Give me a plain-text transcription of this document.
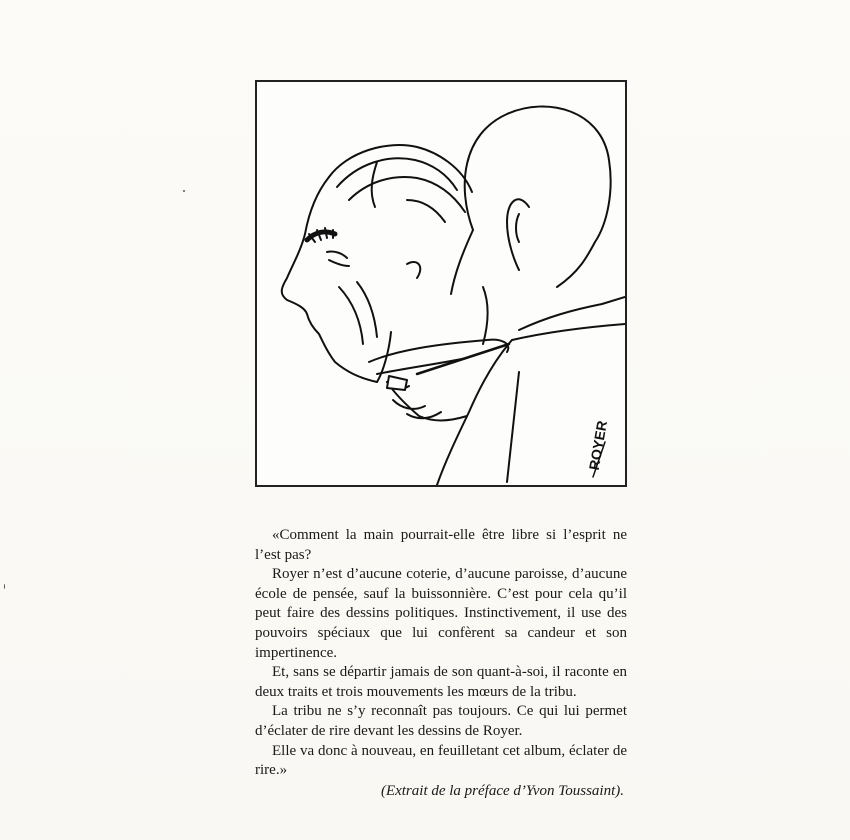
ROYER

«Comment la main pourrait-elle être libre si l’esprit ne l’est pas?

Royer n’est d’aucune coterie, d’aucune paroisse, d’aucune école de pensée, sauf la buissonnière. C’est pour cela qu’il peut faire des dessins politiques. Instinctivement, il use des pouvoirs spéciaux que lui confèrent sa candeur et son impertinence.

Et, sans se départir jamais de son quant-à-soi, il raconte en deux traits et trois mouvements les mœurs de la tribu.

La tribu ne s’y reconnaît pas toujours. Ce qui lui permet d’éclater de rire devant les dessins de Royer.

Elle va donc à nouveau, en feuilletant cet album, éclater de rire.»

(Extrait de la préface d’Yvon Toussaint).
